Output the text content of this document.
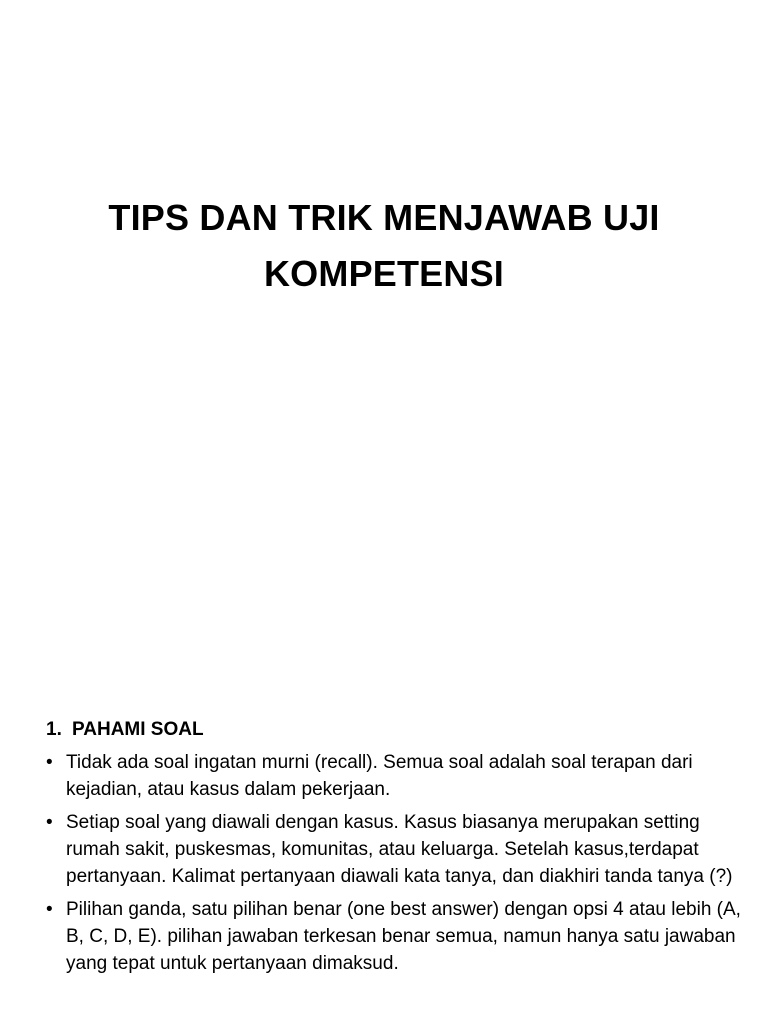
TIPS DAN TRIK MENJAWAB UJI KOMPETENSI
1. PAHAMI SOAL
• Tidak ada soal ingatan murni (recall). Semua soal adalah soal terapan dari kejadian, atau kasus dalam pekerjaan.
• Setiap soal yang diawali dengan kasus. Kasus biasanya merupakan setting rumah sakit, puskesmas, komunitas, atau keluarga. Setelah kasus,terdapat pertanyaan. Kalimat pertanyaan diawali kata tanya, dan diakhiri tanda tanya (?)
• Pilihan ganda, satu pilihan benar (one best answer) dengan opsi 4 atau lebih (A, B, C, D, E). pilihan jawaban terkesan benar semua, namun hanya satu jawaban yang tepat untuk pertanyaan dimaksud.
